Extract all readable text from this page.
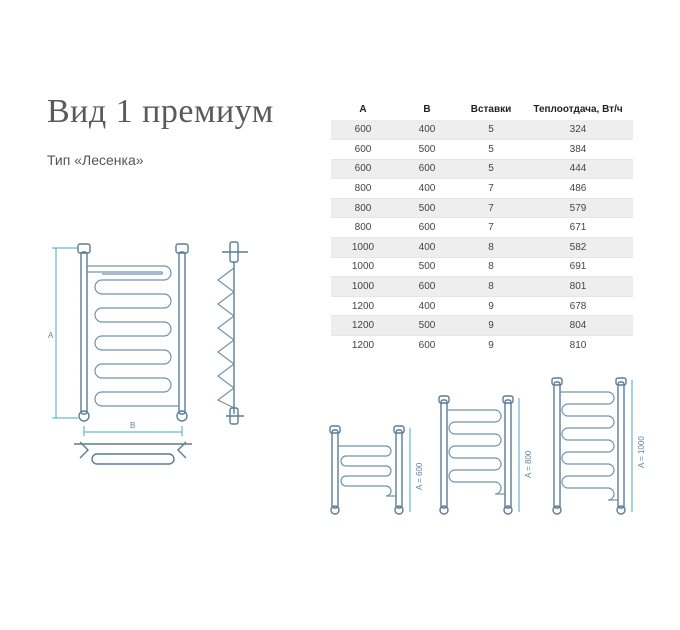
Вид 1 премиум
Тип «Лесенка»
A	B	Вставки	Теплоотдача, Вт/ч
600	400	5	324
600	500	5	384
600	600	5	444
800	400	7	486
800	500	7	579
800	600	7	671
1000	400	8	582
1000	500	8	691
1000	600	8	801
1200	400	9	678
1200	500	9	804
1200	600	9	810
A
B
A = 600	A = 800	A = 1000
